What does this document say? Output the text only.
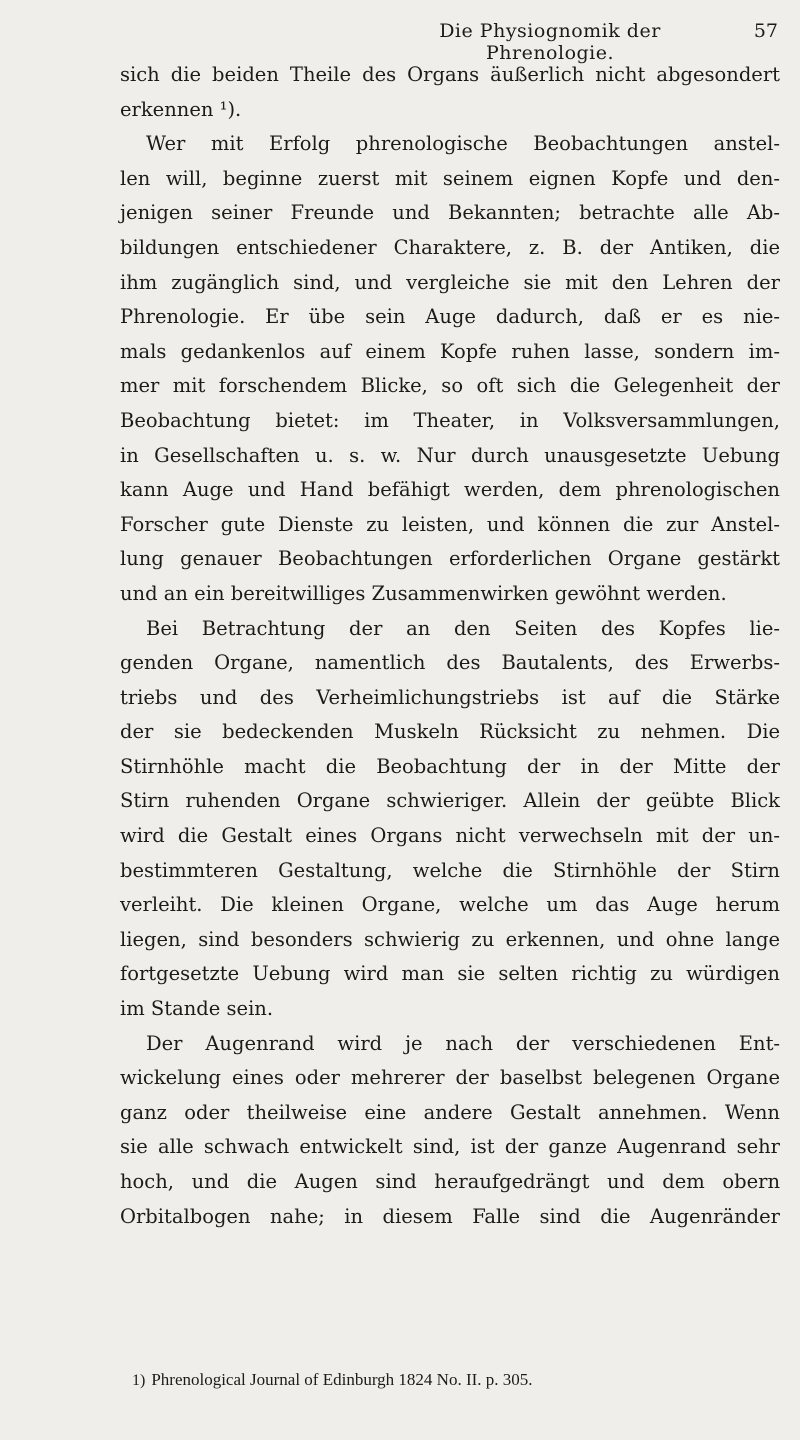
Die Physiognomik der Phrenologie.
57
sich die beiden Theile des Organs äußerlich nicht abgesondert
erkennen ¹).
Wer mit Erfolg phrenologische Beobachtungen anstel-
len will, beginne zuerst mit seinem eignen Kopfe und den-
jenigen seiner Freunde und Bekannten; betrachte alle Ab-
bildungen entschiedener Charaktere, z. B. der Antiken, die
ihm zugänglich sind, und vergleiche sie mit den Lehren der
Phrenologie. Er übe sein Auge dadurch, daß er es nie-
mals gedankenlos auf einem Kopfe ruhen lasse, sondern im-
mer mit forschendem Blicke, so oft sich die Gelegenheit der
Beobachtung bietet: im Theater, in Volksversammlungen,
in Gesellschaften u. s. w. Nur durch unausgesetzte Uebung
kann Auge und Hand befähigt werden, dem phrenologischen
Forscher gute Dienste zu leisten, und können die zur Anstel-
lung genauer Beobachtungen erforderlichen Organe gestärkt
und an ein bereitwilliges Zusammenwirken gewöhnt werden.
Bei Betrachtung der an den Seiten des Kopfes lie-
genden Organe, namentlich des Bautalents, des Erwerbs-
triebs und des Verheimlichungstriebs ist auf die Stärke
der sie bedeckenden Muskeln Rücksicht zu nehmen. Die
Stirnhöhle macht die Beobachtung der in der Mitte der
Stirn ruhenden Organe schwieriger. Allein der geübte Blick
wird die Gestalt eines Organs nicht verwechseln mit der un-
bestimmteren Gestaltung, welche die Stirnhöhle der Stirn
verleiht. Die kleinen Organe, welche um das Auge herum
liegen, sind besonders schwierig zu erkennen, und ohne lange
fortgesetzte Uebung wird man sie selten richtig zu würdigen
im Stande sein.
Der Augenrand wird je nach der verschiedenen Ent-
wickelung eines oder mehrerer der baselbst belegenen Organe
ganz oder theilweise eine andere Gestalt annehmen. Wenn
sie alle schwach entwickelt sind, ist der ganze Augenrand sehr
hoch, und die Augen sind heraufgedrängt und dem obern
Orbitalbogen nahe; in diesem Falle sind die Augenränder
1) Phrenological Journal of Edinburgh 1824 No. II. p. 305.
